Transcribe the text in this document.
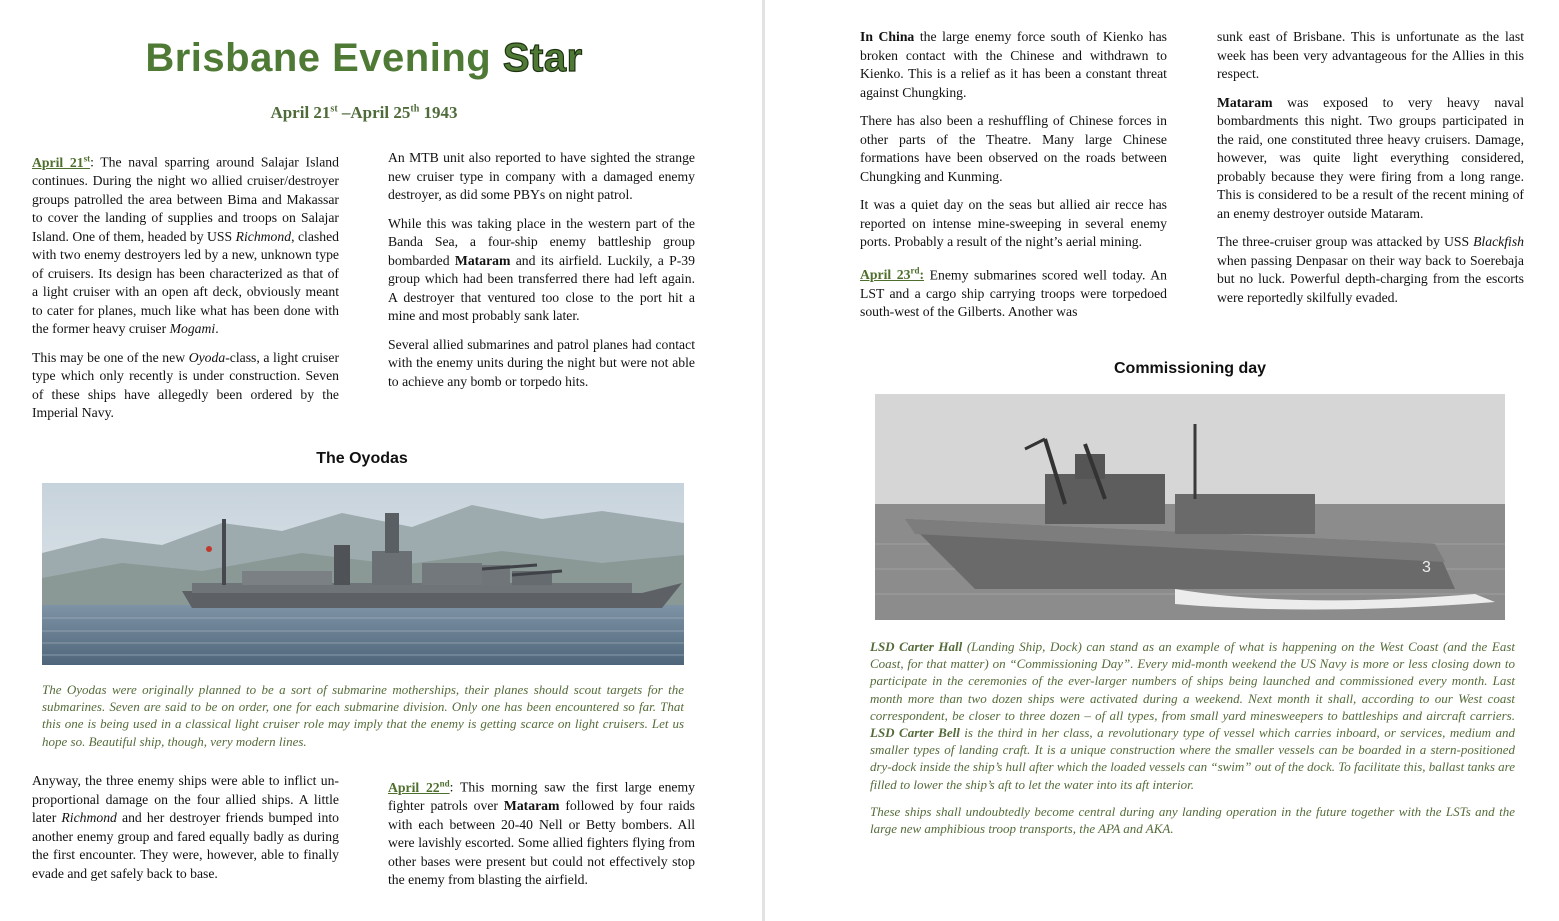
Brisbane Evening Star
April 21st –April 25th 1943

April 21st: The naval sparring around Salajar Island continues. During the night wo allied cruiser/destroyer groups patrolled the area between Bima and Makassar to cover the landing of supplies and troops on Salajar Island. One of them, headed by USS Richmond, clashed with two enemy destroyers led by a new, unknown type of cruisers. Its design has been characterized as that of a light cruiser with an open aft deck, obviously meant to cater for planes, much like what has been done with the former heavy cruiser Mogami.

This may be one of the new Oyoda-class, a light cruiser type which only recently is under construction. Seven of these ships have allegedly been ordered by the Imperial Navy.

An MTB unit also reported to have sighted the strange new cruiser type in company with a damaged enemy destroyer, as did some PBYs on night patrol.

While this was taking place in the western part of the Banda Sea, a four-ship enemy battleship group bombarded Mataram and its airfield. Luckily, a P-39 group which had been transferred there had left again. A destroyer that ventured too close to the port hit a mine and most probably sank later.

Several allied submarines and patrol planes had contact with the enemy units during the night but were not able to achieve any bomb or torpedo hits.

The Oyodas

The Oyodas were originally planned to be a sort of submarine motherships, their planes should scout targets for the submarines. Seven are said to be on order, one for each submarine division. Only one has been encountered so far. That this one is being used in a classical light cruiser role may imply that the enemy is getting scarce on light cruisers. Let us hope so. Beautiful ship, though, very modern lines.

Anyway, the three enemy ships were able to inflict un-proportional damage on the four allied ships. A little later Richmond and her destroyer friends bumped into another enemy group and fared equally badly as during the first encounter. They were, however, able to finally evade and get safely back to base.

April 22nd: This morning saw the first large enemy fighter patrols over Mataram followed by four raids with each between 20-40 Nell or Betty bombers. All were lavishly escorted. Some allied fighters flying from other bases were present but could not effectively stop the enemy from blasting the airfield.

In China the large enemy force south of Kienko has broken contact with the Chinese and withdrawn to Kienko. This is a relief as it has been a constant threat against Chungking.

There has also been a reshuffling of Chinese forces in other parts of the Theatre. Many large Chinese formations have been observed on the roads between Chungking and Kunming.

It was a quiet day on the seas but allied air recce has reported on intense mine-sweeping in several enemy ports. Probably a result of the night’s aerial mining.

April 23rd: Enemy submarines scored well today. An LST and a cargo ship carrying troops were torpedoed south-west of the Gilberts. Another was

sunk east of Brisbane. This is unfortunate as the last week has been very advantageous for the Allies in this respect.

Mataram was exposed to very heavy naval bombardments this night. Two groups participated in the raid, one constituted three heavy cruisers. Damage, however, was quite light everything considered, probably because they were firing from a long range. This is considered to be a result of the recent mining of an enemy destroyer outside Mataram.

The three-cruiser group was attacked by USS Blackfish when passing Denpasar on their way back to Soerebaja but no luck. Powerful depth-charging from the escorts were reportedly skilfully evaded.

Commissioning day
3

LSD Carter Hall (Landing Ship, Dock) can stand as an example of what is happening on the West Coast (and the East Coast, for that matter) on “Commissioning Day”. Every mid-month weekend the US Navy is more or less closing down to participate in the ceremonies of the ever-larger numbers of ships being launched and commissioned every month. Last month more than two dozen ships were activated during a weekend. Next month it shall, according to our West coast correspondent, be closer to three dozen – of all types, from small yard minesweepers to battleships and aircraft carriers. LSD Carter Bell is the third in her class, a revolutionary type of vessel which carries inboard, or services, medium and smaller types of landing craft. It is a unique construction where the smaller vessels can be boarded in a stern-positioned dry-dock inside the ship’s hull after which the loaded vessels can “swim” out of the dock. To facilitate this, ballast tanks are filled to lower the ship’s aft to let the water into its aft interior.

These ships shall undoubtedly become central during any landing operation in the future together with the LSTs and the large new amphibious troop transports, the APA and AKA.
